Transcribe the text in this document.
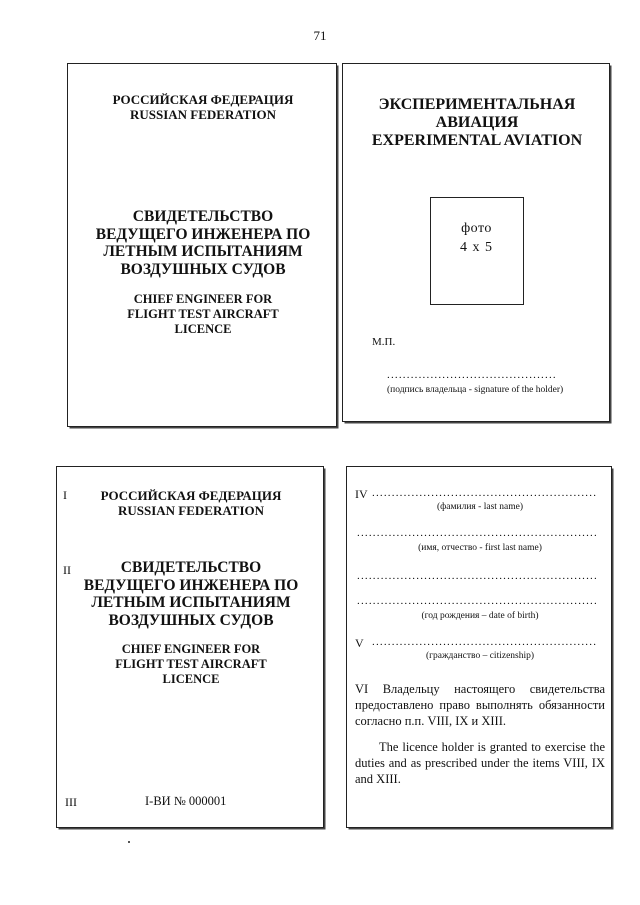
71
РОССИЙСКАЯ ФЕДЕРАЦИЯ
RUSSIAN FEDERATION
СВИДЕТЕЛЬСТВО
ВЕДУЩЕГО ИНЖЕНЕРА ПО
ЛЕТНЫМ ИСПЫТАНИЯМ
ВОЗДУШНЫХ СУДОВ
CHIEF ENGINEER FOR
FLIGHT TEST AIRCRAFT
LICENCE
ЭКСПЕРИМЕНТАЛЬНАЯ
АВИАЦИЯ
EXPERIMENTAL AVIATION
фото
4 х 5
М.П.
...........................................
(подпись владельца - signature of the holder)
I	РОССИЙСКАЯ ФЕДЕРАЦИЯ
RUSSIAN FEDERATION
II	СВИДЕТЕЛЬСТВО
ВЕДУЩЕГО ИНЖЕНЕРА ПО
ЛЕТНЫМ ИСПЫТАНИЯМ
ВОЗДУШНЫХ СУДОВ
CHIEF ENGINEER FOR
FLIGHT TEST AIRCRAFT
LICENCE
III	I-ВИ № 000001
IV .........................................................
(фамилия - last name)
.............................................................
(имя, отчество - first last name)
.............................................................
.............................................................
(год рождения – date of birth)
V .........................................................
(гражданство – citizenship)
VI Владельцу настоящего свидетельства предоставлено право выполнять обязанности согласно п.п. VIII, IX и XIII.
The licence holder is granted to exercise the duties and as prescribed under the items VIII, IX and XIII.
